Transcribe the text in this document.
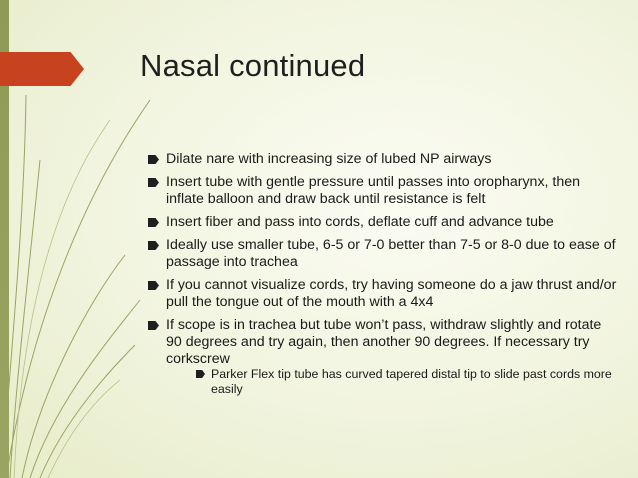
Nasal continued
Dilate nare with increasing size of lubed NP airways
Insert tube with gentle pressure until passes into oropharynx, then inflate balloon and draw back until resistance is felt
Insert fiber and pass into cords, deflate cuff and advance tube
Ideally use smaller tube, 6-5 or 7-0 better than 7-5 or 8-0 due to ease of passage into trachea
If you cannot visualize cords, try having someone do a jaw thrust and/or pull the tongue out of the mouth with a 4x4
If scope is in trachea but tube won’t pass, withdraw slightly and rotate 90 degrees and try again, then another 90 degrees. If necessary try corkscrew
Parker Flex tip tube has curved tapered distal tip to slide past cords more easily
